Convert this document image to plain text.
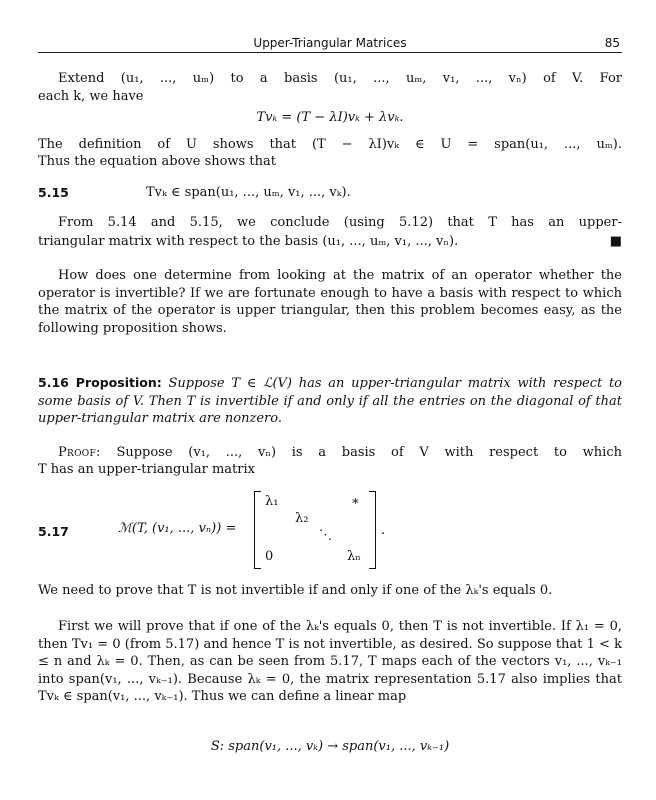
Upper-Triangular Matrices	85

Extend (u₁, ..., uₘ) to a basis (u₁, ..., uₘ, v₁, ..., vₙ) of V. For

each k, we have

Tvₖ = (T − λI)vₖ + λvₖ.

The definition of U shows that (T − λI)vₖ ∈ U = span(u₁, ..., uₘ).

Thus the equation above shows that

5.15	Tvₖ ∈ span(u₁, ..., uₘ, v₁, ..., vₖ).

From 5.14 and 5.15, we conclude (using 5.12) that T has an upper-

triangular matrix with respect to the basis (u₁, ..., uₘ, v₁, ..., vₙ).	■

How does one determine from looking at the matrix of an operator whether the operator is invertible? If we are fortunate enough to have a basis with respect to which the matrix of the operator is upper triangular, then this problem becomes easy, as the following proposition shows.

5.16 Proposition: Suppose T ∈ ℒ(V) has an upper-triangular matrix with respect to some basis of V. Then T is invertible if and only if all the entries on the diagonal of that upper-triangular matrix are nonzero.

Proof: Suppose (v₁, ..., vₙ) is a basis of V with respect to which

T has an upper-triangular matrix

5.17	ℳ(T, (v₁, ..., vₙ)) =
λ₁	∗
λ₂
⋱
0	λₙ
.

We need to prove that T is not invertible if and only if one of the λₖ's equals 0.

First we will prove that if one of the λₖ's equals 0, then T is not invertible. If λ₁ = 0, then Tv₁ = 0 (from 5.17) and hence T is not invertible, as desired. So suppose that 1 < k ≤ n and λₖ = 0. Then, as can be seen from 5.17, T maps each of the vectors v₁, ..., vₖ₋₁ into span(v₁, ..., vₖ₋₁). Because λₖ = 0, the matrix representation 5.17 also implies that Tvₖ ∈ span(v₁, ..., vₖ₋₁). Thus we can define a linear map

S: span(v₁, ..., vₖ) → span(v₁, ..., vₖ₋₁)
